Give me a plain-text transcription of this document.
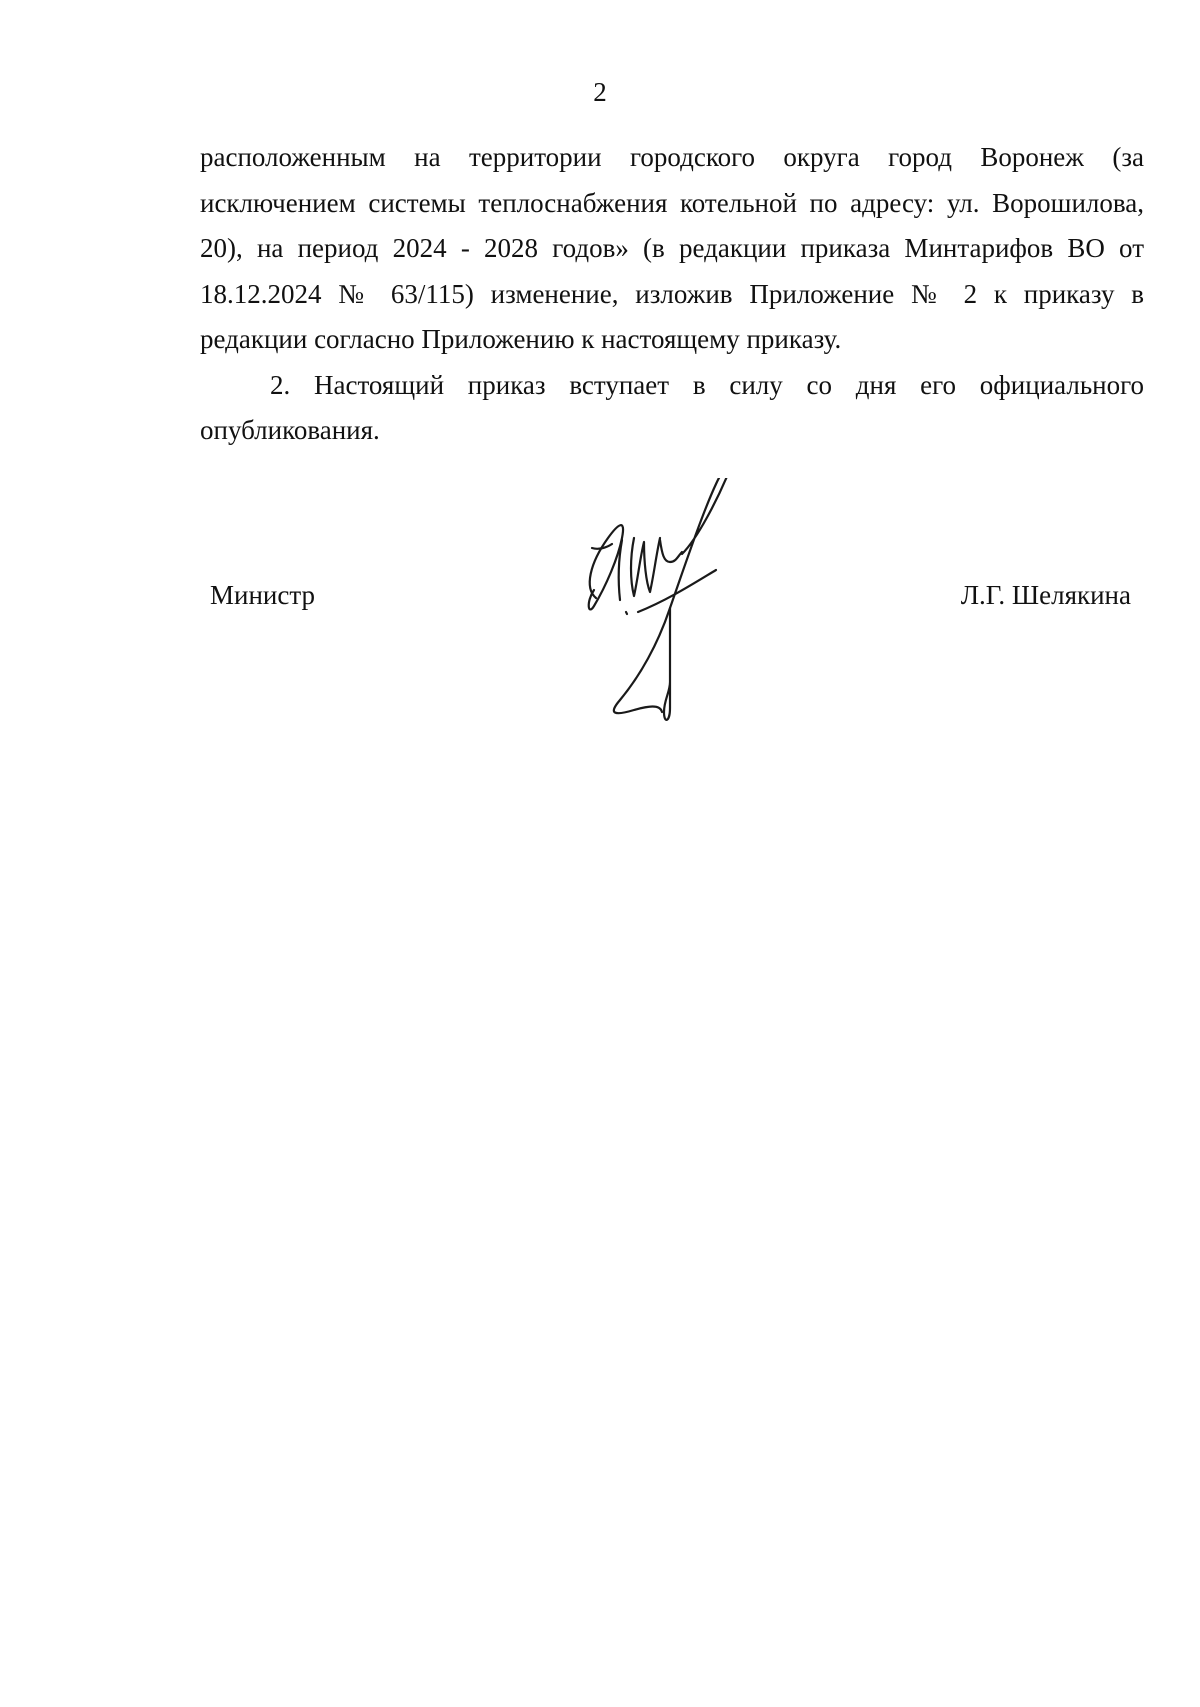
2
расположенным на территории городского округа город Воронеж (за
исключением системы теплоснабжения котельной по адресу: ул. Ворошилова,
20), на период 2024 - 2028 годов» (в редакции приказа Минтарифов ВО от
18.12.2024 № 63/115) изменение, изложив Приложение № 2 к приказу в
редакции согласно Приложению к настоящему приказу.
2. Настоящий приказ вступает в силу со дня его официального
опубликования.
Министр	Л.Г. Шелякина
